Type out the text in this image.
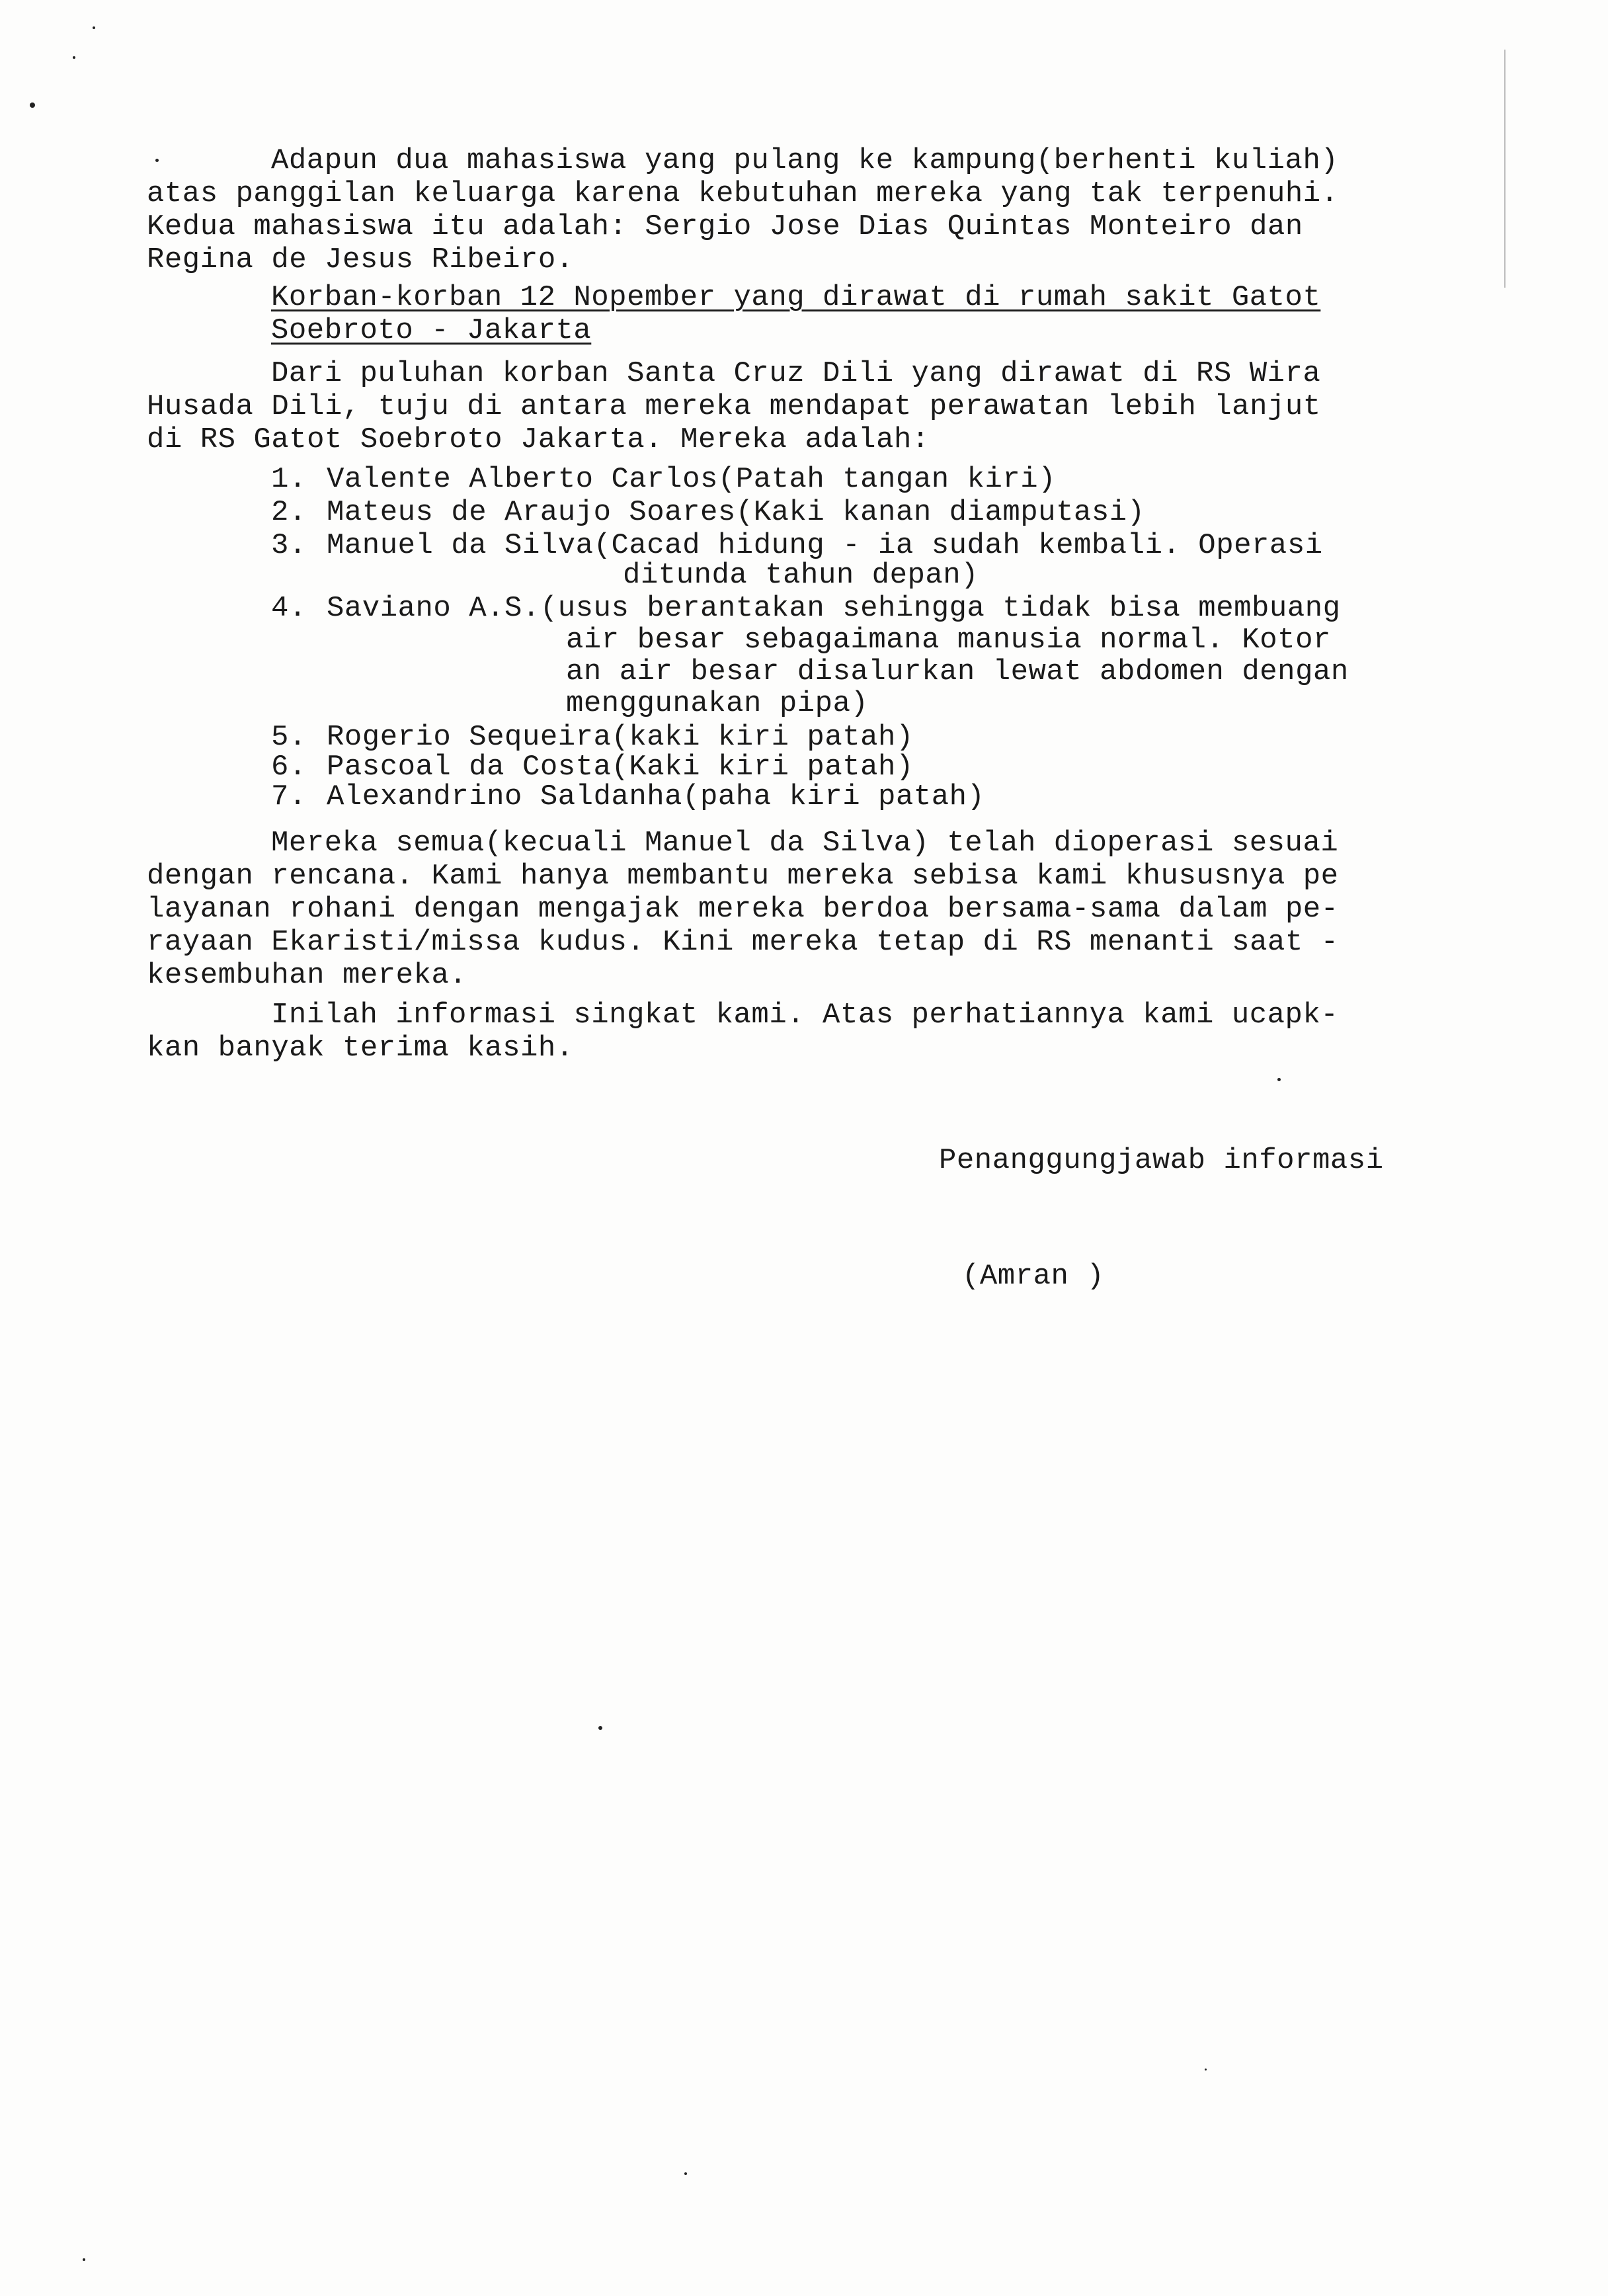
Adapun dua mahasiswa yang pulang ke kampung(berhenti kuliah)
atas panggilan keluarga karena kebutuhan mereka yang tak terpenuhi.
Kedua mahasiswa itu adalah: Sergio Jose Dias Quintas Monteiro dan
Regina de Jesus Ribeiro.
Korban-korban 12 Nopember yang dirawat di rumah sakit Gatot
Soebroto - Jakarta
Dari puluhan korban Santa Cruz Dili yang dirawat di RS Wira
Husada Dili, tuju di antara mereka mendapat perawatan lebih lanjut
di RS Gatot Soebroto Jakarta. Mereka adalah:
1. Valente Alberto Carlos(Patah tangan kiri)
2. Mateus de Araujo Soares(Kaki kanan diamputasi)
3. Manuel da Silva(Cacad hidung - ia sudah kembali. Operasi
ditunda tahun depan)
4. Saviano A.S.(usus berantakan sehingga tidak bisa membuang
air besar sebagaimana manusia normal. Kotor
an air besar disalurkan lewat abdomen dengan
menggunakan pipa)
5. Rogerio Sequeira(kaki kiri patah)
6. Pascoal da Costa(Kaki kiri patah)
7. Alexandrino Saldanha(paha kiri patah)
Mereka semua(kecuali Manuel da Silva) telah dioperasi sesuai
dengan rencana. Kami hanya membantu mereka sebisa kami khususnya pe
layanan rohani dengan mengajak mereka berdoa bersama-sama dalam pe-
rayaan Ekaristi/missa kudus. Kini mereka tetap di RS menanti saat -
kesembuhan mereka.
Inilah informasi singkat kami. Atas perhatiannya kami ucapk-
kan banyak terima kasih.
Penanggungjawab informasi
(Amran )
